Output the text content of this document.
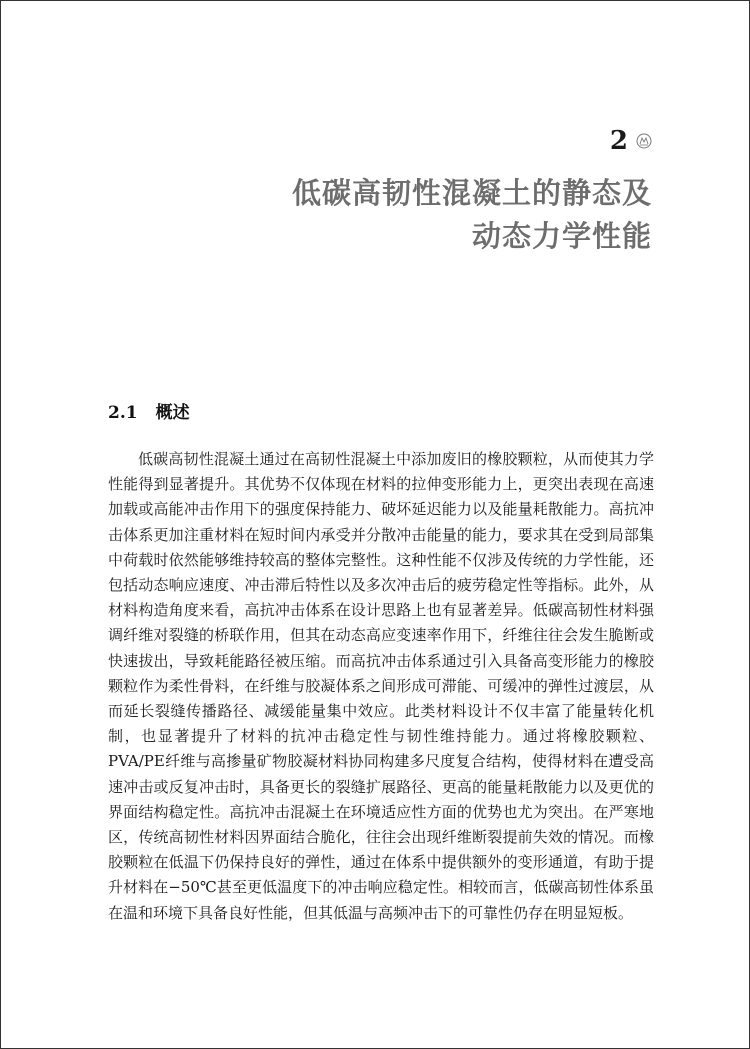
2
低碳高韧性混凝土的静态及
动态力学性能
2.1 概述

低碳高韧性混凝土通过在高韧性混凝土中添加废旧的橡胶颗粒，从而使其力学性能得到显著提升。其优势不仅体现在材料的拉伸变形能力上，更突出表现在高速加载或高能冲击作用下的强度保持能力、破坏延迟能力以及能量耗散能力。高抗冲击体系更加注重材料在短时间内承受并分散冲击能量的能力，要求其在受到局部集中荷载时依然能够维持较高的整体完整性。这种性能不仅涉及传统的力学性能，还包括动态响应速度、冲击滞后特性以及多次冲击后的疲劳稳定性等指标。此外，从材料构造角度来看，高抗冲击体系在设计思路上也有显著差异。低碳高韧性材料强调纤维对裂缝的桥联作用，但其在动态高应变速率作用下，纤维往往会发生脆断或快速拔出，导致耗能路径被压缩。而高抗冲击体系通过引入具备高变形能力的橡胶颗粒作为柔性骨料，在纤维与胶凝体系之间形成可滞能、可缓冲的弹性过渡层，从而延长裂缝传播路径、减缓能量集中效应。此类材料设计不仅丰富了能量转化机制，也显著提升了材料的抗冲击稳定性与韧性维持能力。通过将橡胶颗粒、PVA/PE纤维与高掺量矿物胶凝材料协同构建多尺度复合结构，使得材料在遭受高速冲击或反复冲击时，具备更长的裂缝扩展路径、更高的能量耗散能力以及更优的界面结构稳定性。高抗冲击混凝土在环境适应性方面的优势也尤为突出。在严寒地区，传统高韧性材料因界面结合脆化，往往会出现纤维断裂提前失效的情况。而橡胶颗粒在低温下仍保持良好的弹性，通过在体系中提供额外的变形通道，有助于提升材料在−50℃甚至更低温度下的冲击响应稳定性。相较而言，低碳高韧性体系虽在温和环境下具备良好性能，但其低温与高频冲击下的可靠性仍存在明显短板。
